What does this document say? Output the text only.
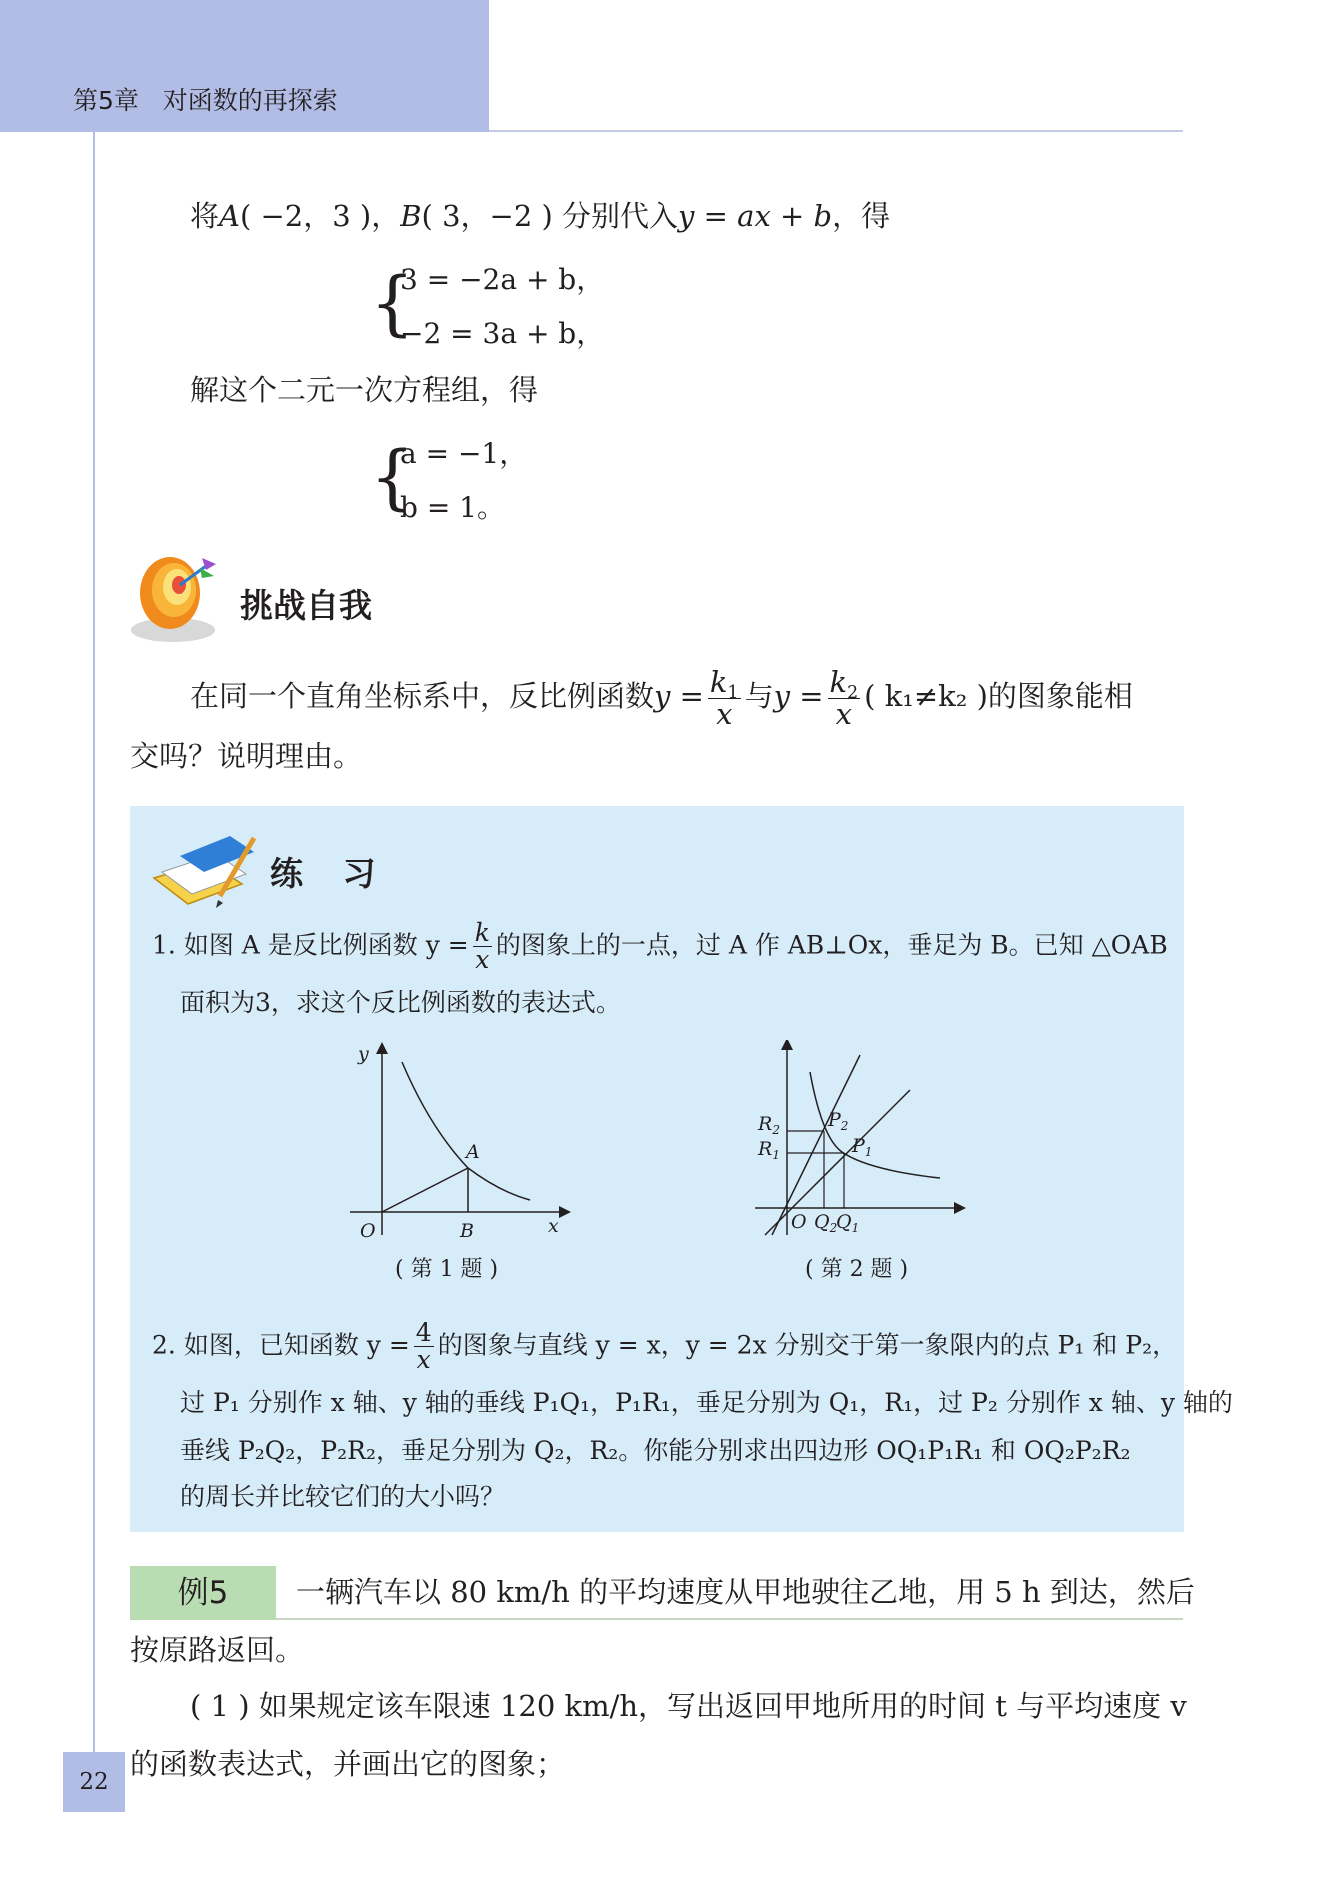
第5章 对函数的再探索
将A( −2，3 )，B( 3，−2 ) 分别代入y = ax + b，得
{
3 = −2a + b，
−2 = 3a + b，
解这个二元一次方程组，得
{
a = −1，
b = 1。
挑战自我
在同一个直角坐标系中，反比例函数$y = \frac{k_1}{x}$ 与$y = \frac{k_2}{x}$ ( k₁≠k₂ )的图象能相
交吗？说明理由。
练 习
1. 如图 A 是反比例函数 $y = \frac{k}{x}$ 的图象上的一点，过 A 作 AB⊥Ox，垂足为 B。已知 △OAB
面积为3，求这个反比例函数的表达式。
y
x
O
A
B
( 第 1 题 )
$R_2$
$R_1$
$P_2$
$P_1$
O $Q_2$
$Q_1$
( 第 2 题 )
2. 如图，已知函数 $y = \frac{4}{x}$ 的图象与直线 y = x，y = 2x 分别交于第一象限内的点 P₁ 和 P₂，
过 P₁ 分别作 x 轴、y 轴的垂线 P₁Q₁，P₁R₁，垂足分别为 Q₁，R₁，过 P₂ 分别作 x 轴、y 轴的
垂线 P₂Q₂，P₂R₂，垂足分别为 Q₂，R₂。你能分别求出四边形 OQ₁P₁R₁ 和 OQ₂P₂R₂
的周长并比较它们的大小吗？
例5	一辆汽车以 80 km/h 的平均速度从甲地驶往乙地，用 5 h 到达，然后
按原路返回。
( 1 ) 如果规定该车限速 120 km/h，写出返回甲地所用的时间 t 与平均速度 v
的函数表达式，并画出它的图象；
22
